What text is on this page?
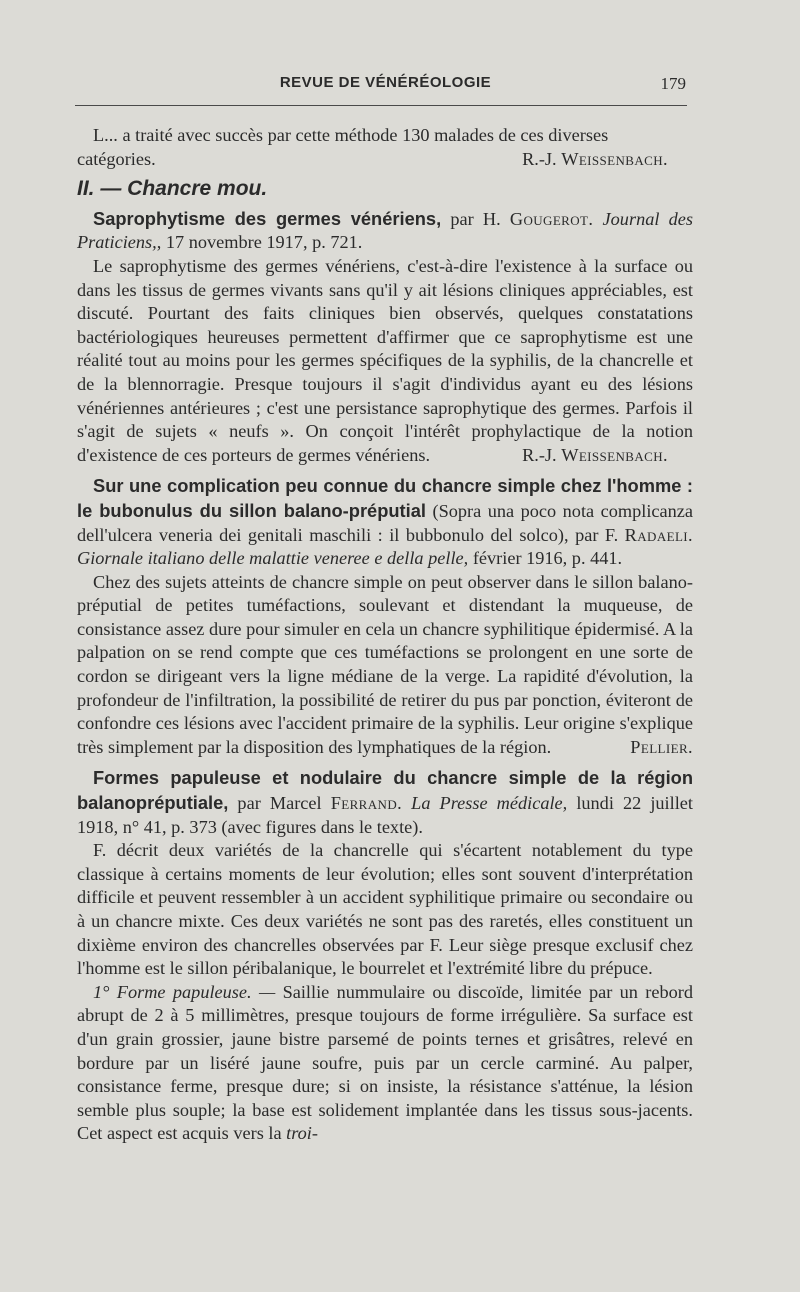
REVUE DE VÉNÉRÉOLOGIE	179

L... a traité avec succès par cette méthode 130 malades de ces diverses

catégories.	R.-J. Weissenbach.

II. — Chancre mou.

Saprophytisme des germes vénériens, par H. Gougerot. Journal des Praticiens,, 17 novembre 1917, p. 721.

Le saprophytisme des germes vénériens, c'est-à-dire l'existence à la surface ou dans les tissus de germes vivants sans qu'il y ait lésions cliniques appréciables, est discuté. Pourtant des faits cliniques bien observés, quelques constatations bactériologiques heureuses permettent d'affirmer que ce saprophytisme est une réalité tout au moins pour les germes spécifiques de la syphilis, de la chancrelle et de la blennorragie. Presque toujours il s'agit d'individus ayant eu des lésions vénériennes antérieures ; c'est une persistance saprophytique des germes. Parfois il s'agit de sujets « neufs ». On conçoit l'intérêt prophylactique de la notion d'existence de ces porteurs de germes vénériens.	R.-J. Weissenbach.

Sur une complication peu connue du chancre simple chez l'homme : le bubonulus du sillon balano-préputial (Sopra una poco nota complicanza dell'ulcera veneria dei genitali maschili : il bubbonulo del solco), par F. Radaeli. Giornale italiano delle malattie veneree e della pelle, février 1916, p. 441.

Chez des sujets atteints de chancre simple on peut observer dans le sillon balano-préputial de petites tuméfactions, soulevant et distendant la muqueuse, de consistance assez dure pour simuler en cela un chancre syphilitique épidermisé. A la palpation on se rend compte que ces tuméfactions se prolongent en une sorte de cordon se dirigeant vers la ligne médiane de la verge. La rapidité d'évolution, la profondeur de l'infiltration, la possibilité de retirer du pus par ponction, éviteront de confondre ces lésions avec l'accident primaire de la syphilis. Leur origine s'explique très simplement par la disposition des lymphatiques de la région.	Pellier.

Formes papuleuse et nodulaire du chancre simple de la région balanopréputiale, par Marcel Ferrand. La Presse médicale, lundi 22 juillet 1918, n° 41, p. 373 (avec figures dans le texte).

F. décrit deux variétés de la chancrelle qui s'écartent notablement du type classique à certains moments de leur évolution; elles sont souvent d'interprétation difficile et peuvent ressembler à un accident syphilitique primaire ou secondaire ou à un chancre mixte. Ces deux variétés ne sont pas des raretés, elles constituent un dixième environ des chancrelles observées par F. Leur siège presque exclusif chez l'homme est le sillon péribalanique, le bourrelet et l'extrémité libre du prépuce.

1° Forme papuleuse. — Saillie nummulaire ou discoïde, limitée par un rebord abrupt de 2 à 5 millimètres, presque toujours de forme irrégulière. Sa surface est d'un grain grossier, jaune bistre parsemé de points ternes et grisâtres, relevé en bordure par un liséré jaune soufre, puis par un cercle carminé. Au palper, consistance ferme, presque dure; si on insiste, la résistance s'atténue, la lésion semble plus souple; la base est solidement implantée dans les tissus sous-jacents. Cet aspect est acquis vers la troi-
